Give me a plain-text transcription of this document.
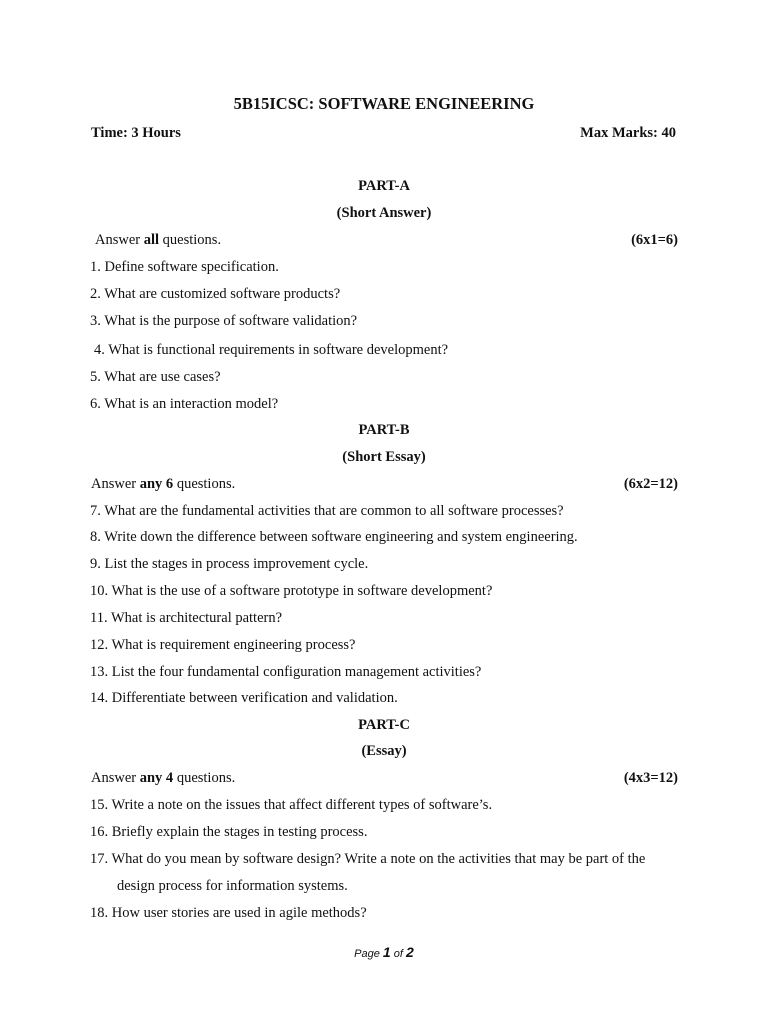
5B15ICSC: SOFTWARE ENGINEERING
Time: 3 Hours	Max Marks: 40
PART-A
(Short Answer)
Answer all questions.	(6x1=6)
1. Define software specification.
2. What are customized software products?
3. What is the purpose of software validation?
4. What is functional requirements in software development?
5. What are use cases?
6. What is an interaction model?
PART-B
(Short Essay)
Answer any 6 questions.	(6x2=12)
7. What are the fundamental activities that are common to all software processes?
8. Write down the difference between software engineering and system engineering.
9. List the stages in process improvement cycle.
10. What is the use of a software prototype in software development?
11. What is architectural pattern?
12. What is requirement engineering process?
13. List the four fundamental configuration management activities?
14. Differentiate between verification and validation.
PART-C
(Essay)
Answer any 4 questions.	(4x3=12)
15. Write a note on the issues that affect different types of software’s.
16. Briefly explain the stages in testing process.
17. What do you mean by software design? Write a note on the activities that may be part of the
design process for information systems.
18. How user stories are used in agile methods?
Page 1 of 2
